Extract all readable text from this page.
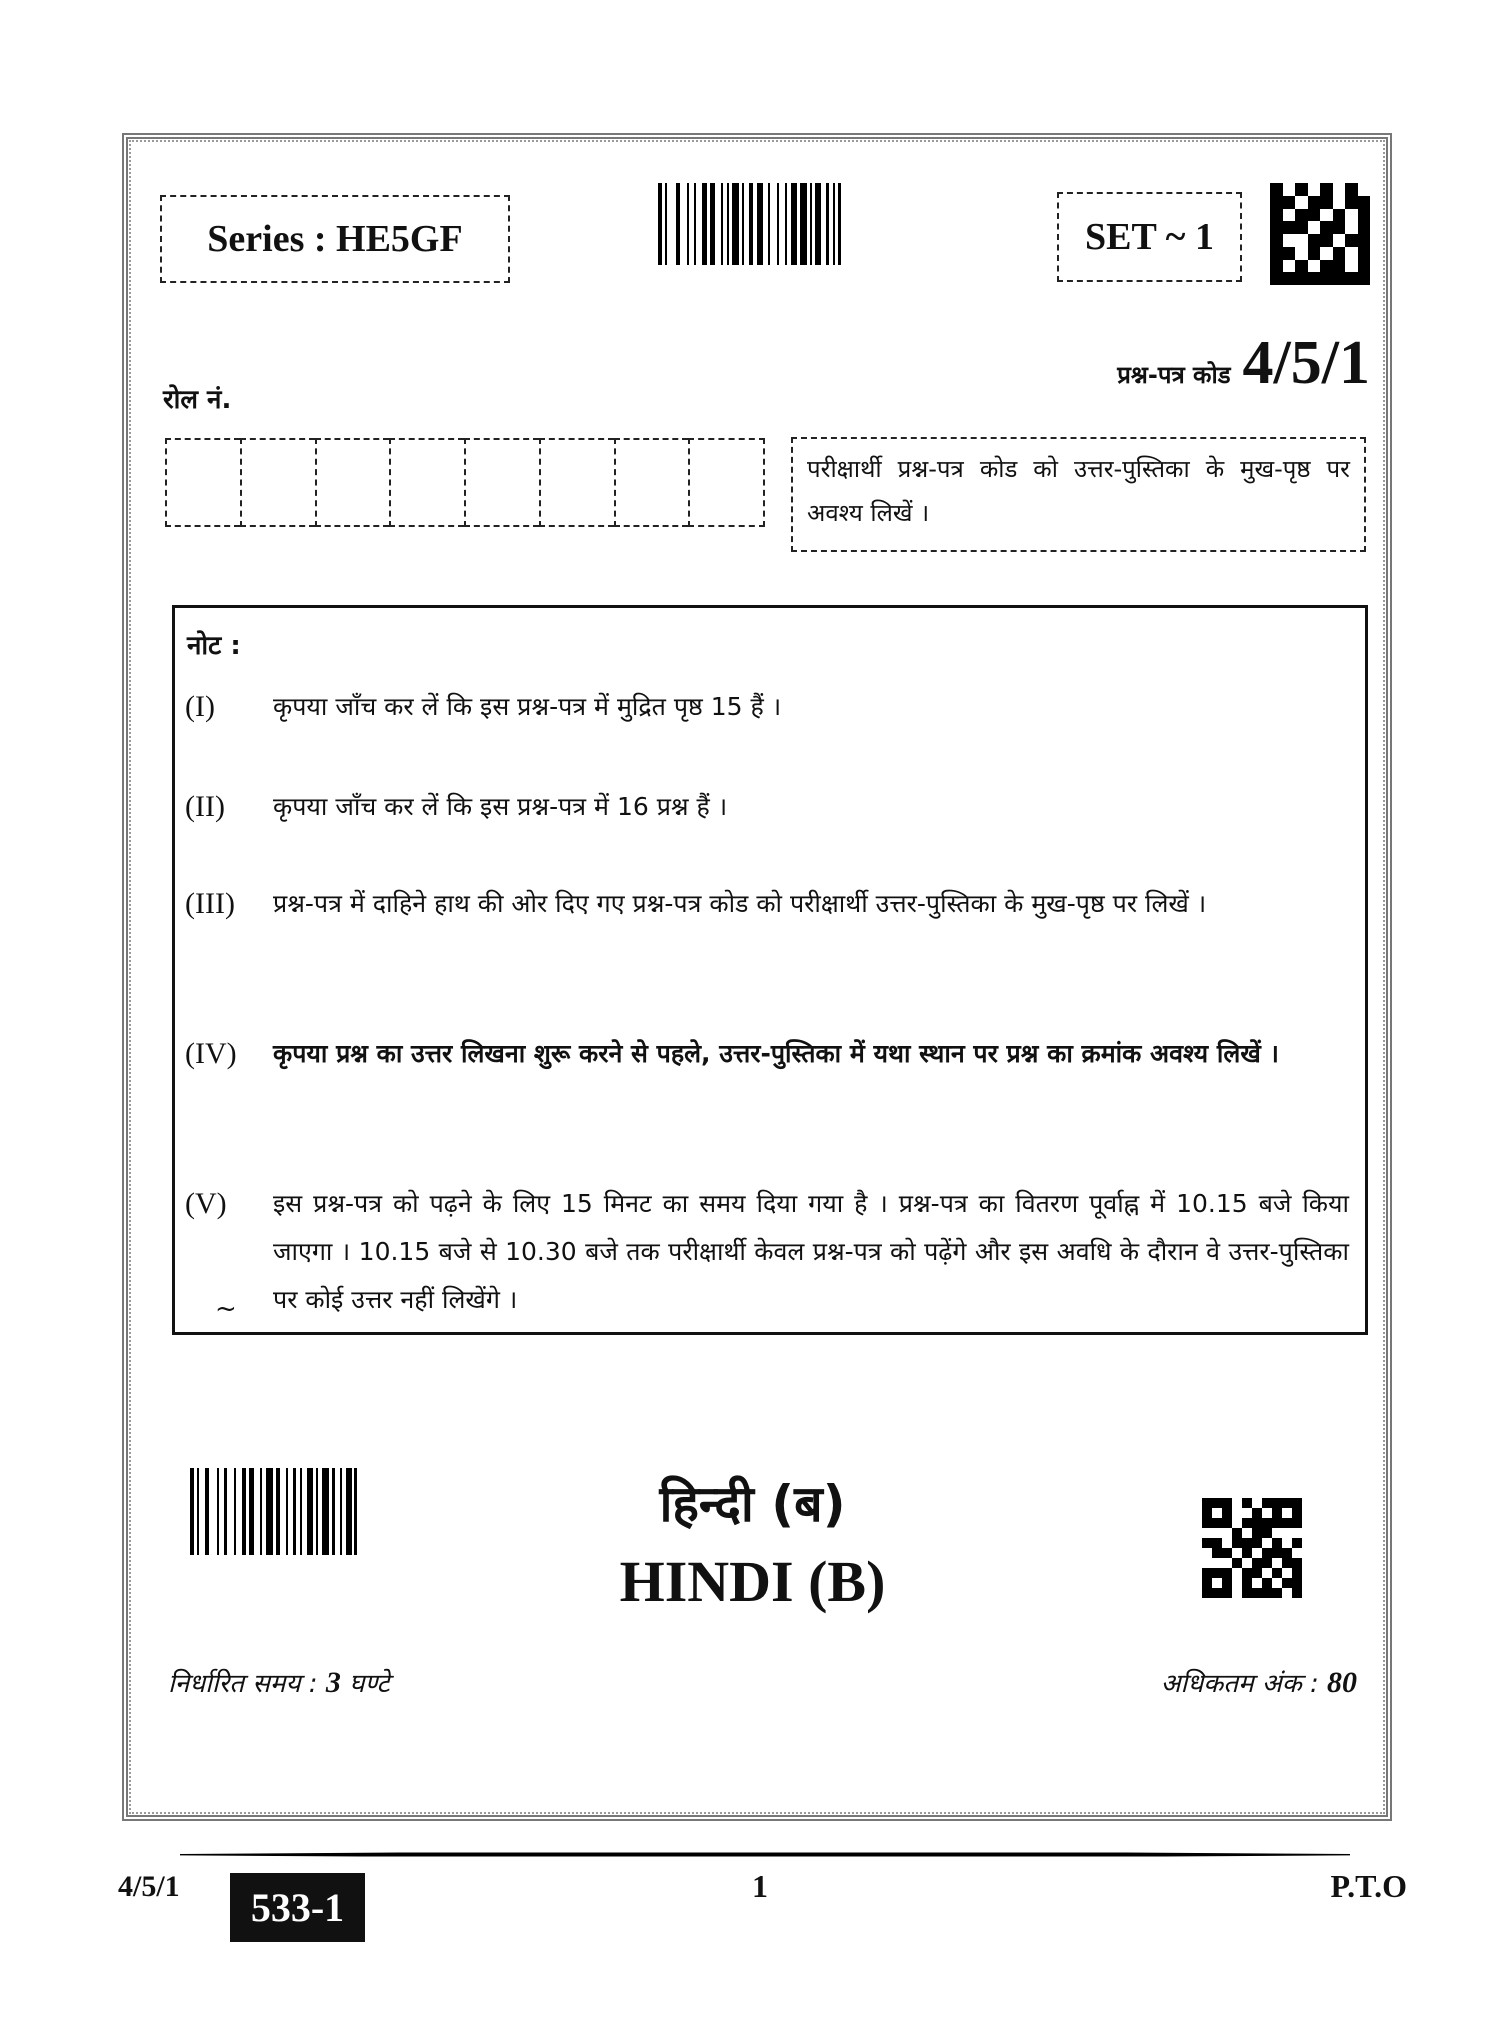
Series : HE5GF	SET ~ 1
प्रश्न-पत्र कोड 4/5/1
रोल नं.
परीक्षार्थी प्रश्न-पत्र कोड को उत्तर-पुस्तिका के मुख-पृष्ठ पर अवश्य लिखें ।
नोट :
(I)	कृपया जाँच कर लें कि इस प्रश्न-पत्र में मुद्रित पृष्ठ 15 हैं ।
(II)	कृपया जाँच कर लें कि इस प्रश्न-पत्र में 16 प्रश्न हैं ।
(III)	प्रश्न-पत्र में दाहिने हाथ की ओर दिए गए प्रश्न-पत्र कोड को परीक्षार्थी उत्तर-पुस्तिका के मुख-पृष्ठ पर लिखें ।
(IV)	कृपया प्रश्न का उत्तर लिखना शुरू करने से पहले, उत्तर-पुस्तिका में यथा स्थान पर प्रश्न का क्रमांक अवश्य लिखें ।
(V)	इस प्रश्न-पत्र को पढ़ने के लिए 15 मिनट का समय दिया गया है । प्रश्न-पत्र का वितरण पूर्वाह्न में 10.15 बजे किया जाएगा । 10.15 बजे से 10.30 बजे तक परीक्षार्थी केवल प्रश्न-पत्र को पढ़ेंगे और इस अवधि के दौरान वे उत्तर-पुस्तिका पर कोई उत्तर नहीं लिखेंगे ।
~
हिन्दी (ब)
HINDI (B)
निर्धारित समय : 3 घण्टे	अधिकतम अंक : 80
4/5/1	533-1	1	P.T.O
